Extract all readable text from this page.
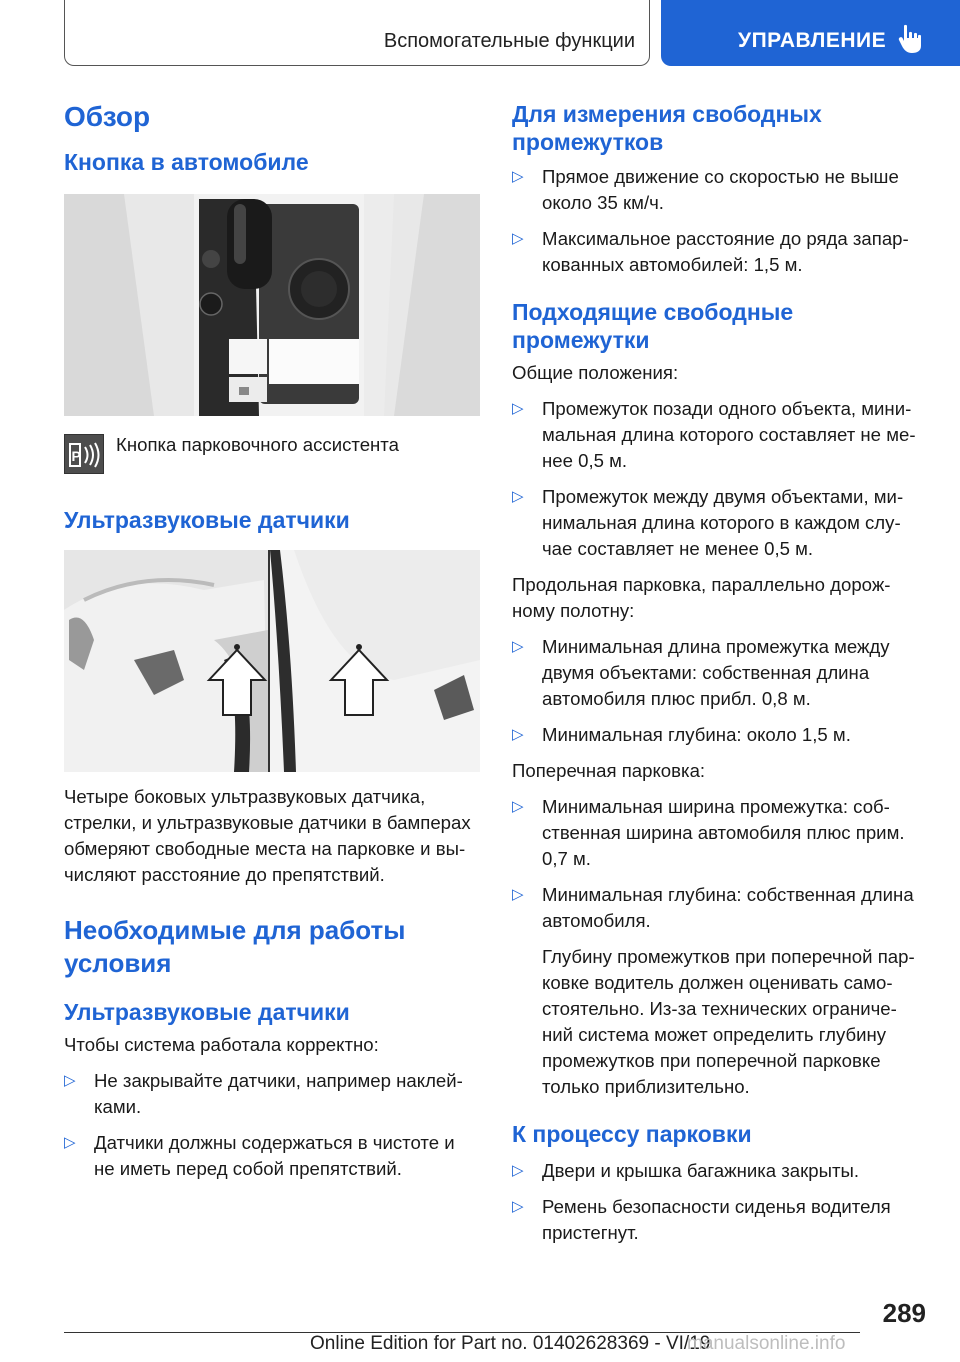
Вспомогательные функции	УПРАВЛЕНИЕ
Обзор
Кнопка в автомобиле
P

Кнопка парковочного ассистента

Ультразвуковые датчики

Четыре боковых ультразвуковых датчика,

стрелки, и ультразвуковые датчики в бамперах

обмеряют свободные места на парковке и вы-

числяют расстояние до препятствий.

Необходимые для работы
условия
Ультразвуковые датчики

Чтобы система работала корректно:

▷ Не закрывайте датчики, например наклей-
ками.
▷ Датчики должны содержаться в чистоте и
не иметь перед собой препятствий.
Для измерения свободных
промежутков
▷ Прямое движение со скоростью не выше
около 35 км/ч.
▷ Максимальное расстояние до ряда запар-
кованных автомобилей: 1,5 м.
Подходящие свободные
промежутки

Общие положения:

▷ Промежуток позади одного объекта, мини-
мальная длина которого составляет не ме-
нее 0,5 м.
▷ Промежуток между двумя объектами, ми-
нимальная длина которого в каждом слу-
чае составляет не менее 0,5 м.

Продольная парковка, параллельно дорож-

ному полотну:

▷ Минимальная длина промежутка между
двумя объектами: собственная длина
автомобиля плюс прибл. 0,8 м.
▷ Минимальная глубина: около 1,5 м.

Поперечная парковка:

▷ Минимальная ширина промежутка: соб-
ственная ширина автомобиля плюс прим.
0,7 м.
▷ Минимальная глубина: собственная длина
автомобиля.
Глубину промежутков при поперечной пар-
ковке водитель должен оценивать само-
стоятельно. Из-за технических ограниче-
ний система может определить глубину
промежутков при поперечной парковке
только приблизительно.
К процессу парковки
▷ Двери и крышка багажника закрыты.
▷ Ремень безопасности сиденья водителя
пристегнут.
289
Online Edition for Part no. 01402628369 - VI/19
manualsonline.info
